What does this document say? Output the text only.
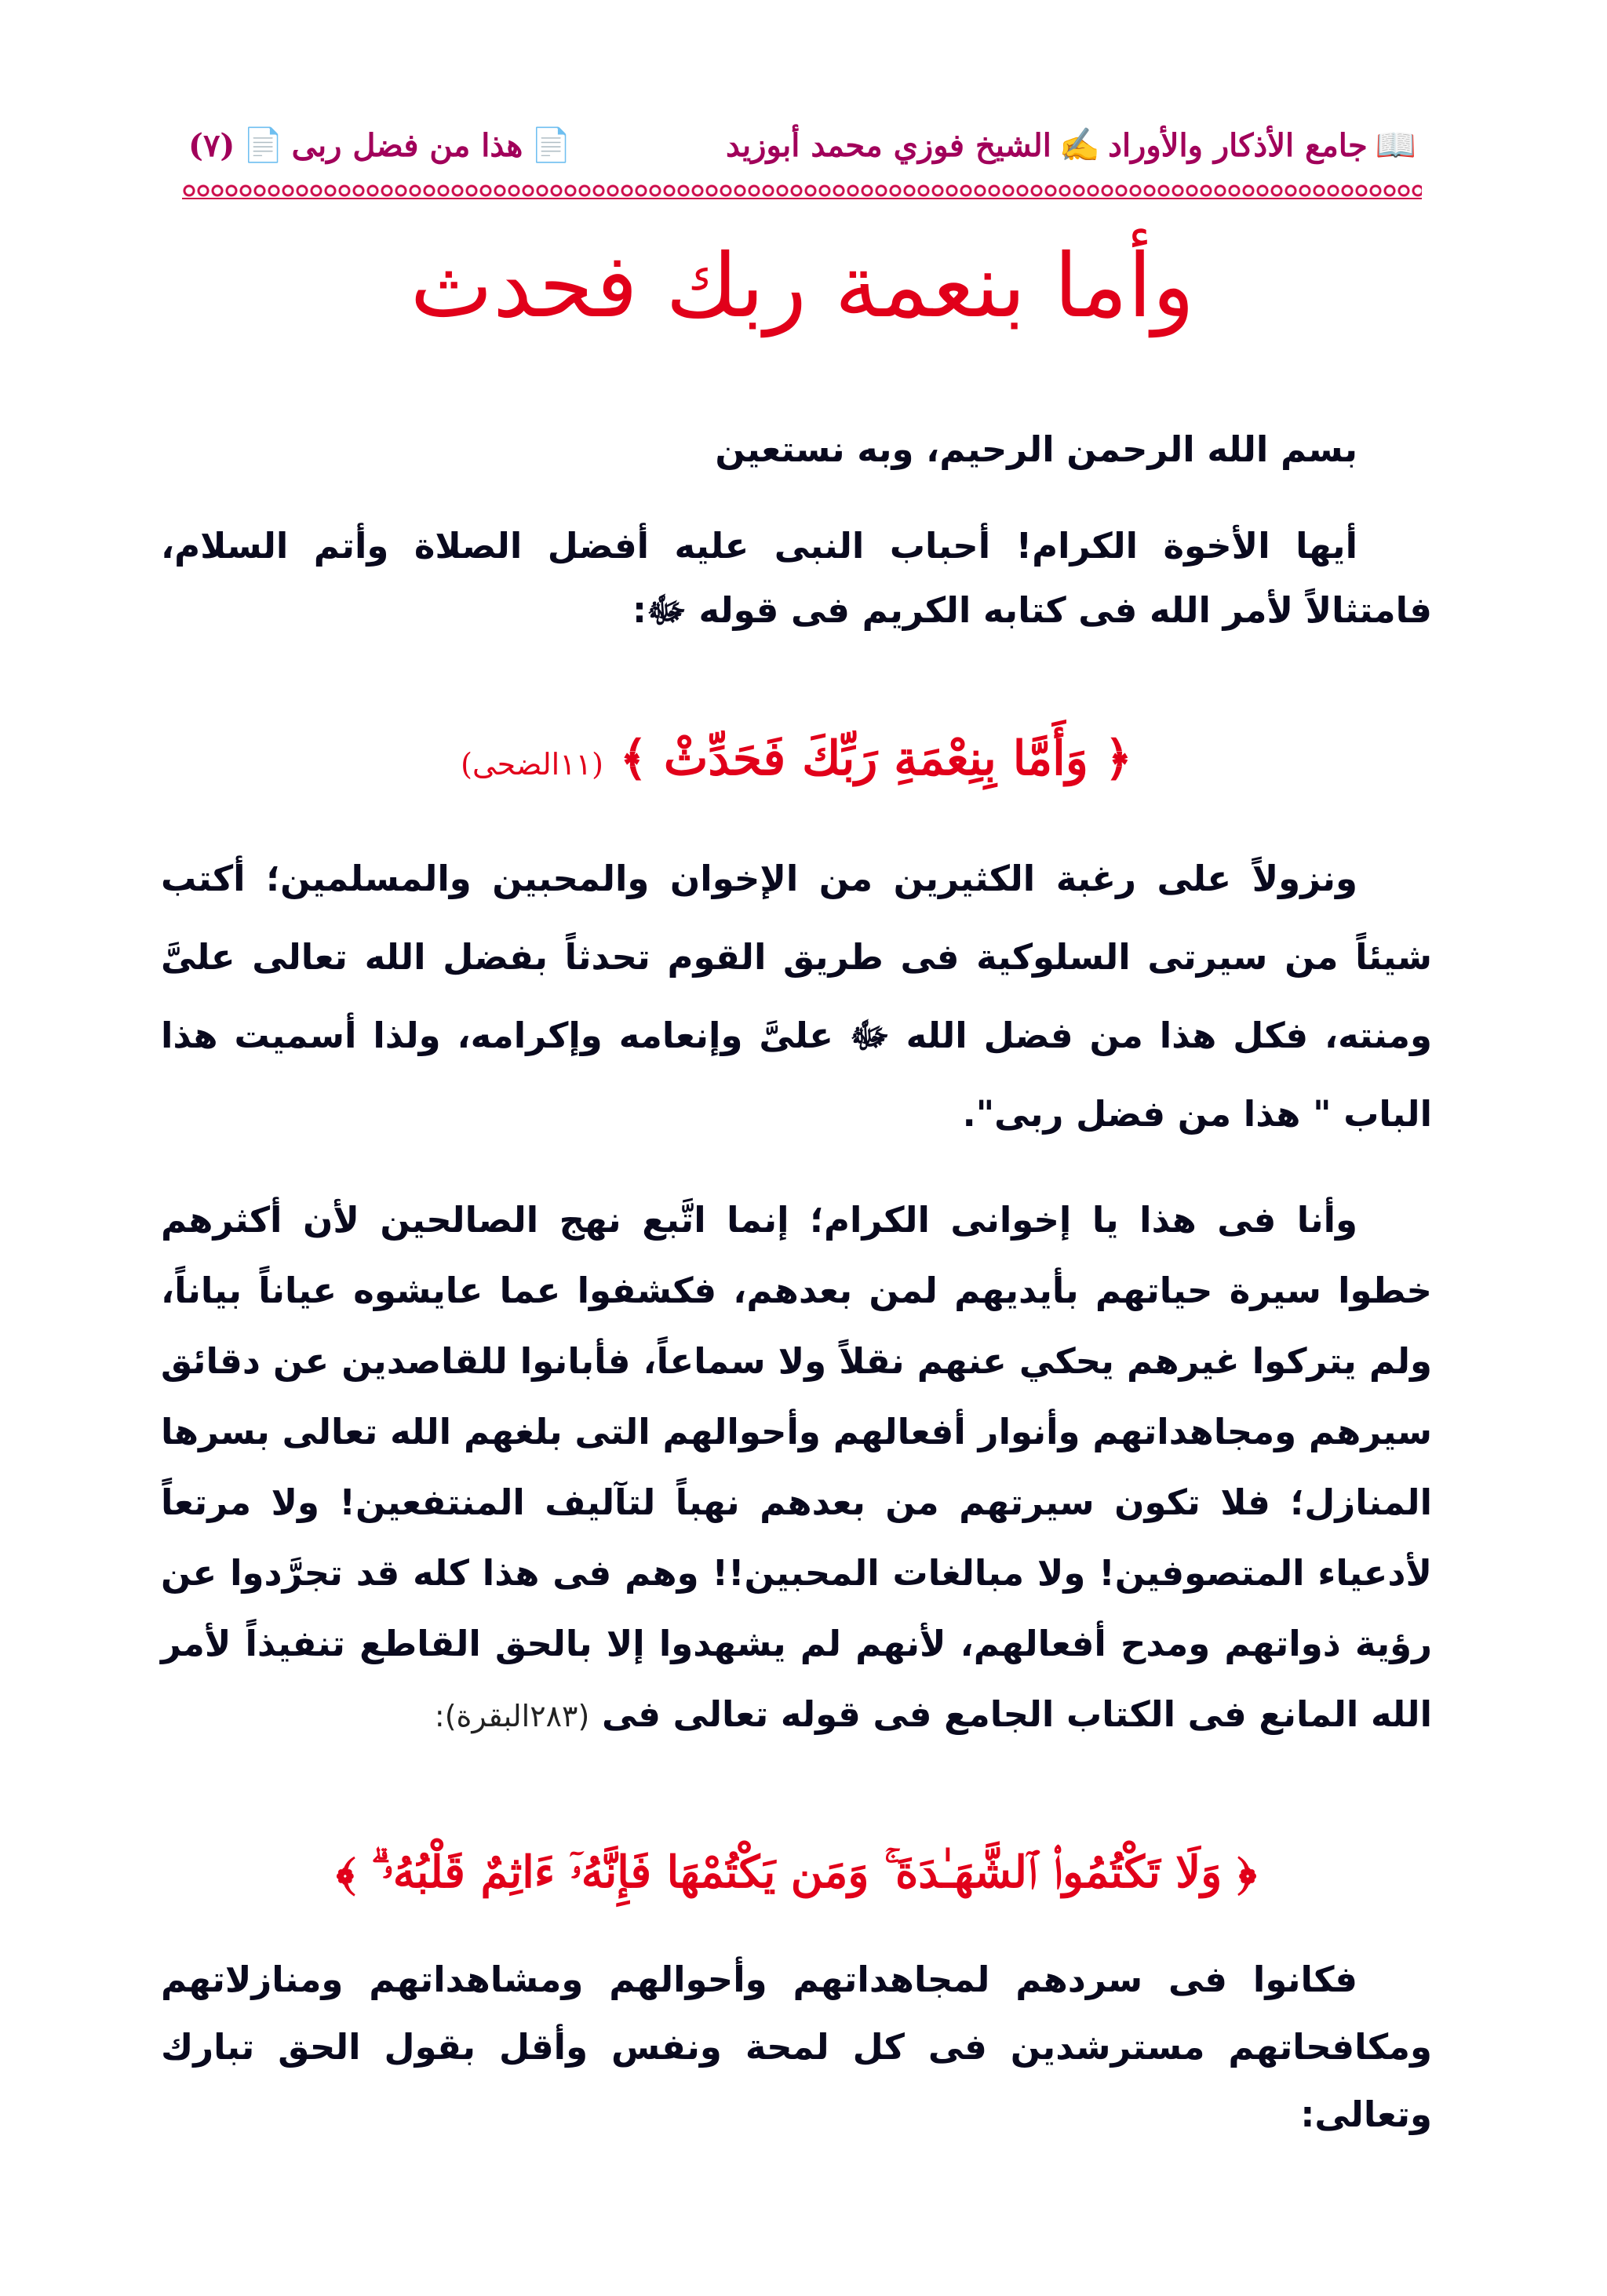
📖
جامع الأذكار والأوراد
✍
الشيخ فوزي محمد أبوزيد
📄
هذا من فضل ربى
📄
(٧)
وأما بنعمة ربك فحدث

بسم الله الرحمن الرحيم، وبه نستعين

أيها الأخوة الكرام! أحباب النبى عليه أفضل الصلاة وأتم السلام، فامتثالاً لأمر الله فى كتابه الكريم فى قوله ﷻ:

﴿ وَأَمَّا بِنِعْمَةِ رَبِّكَ فَحَدِّثْ ﴾ (١١الضحى)

ونزولاً على رغبة الكثيرين من الإخوان والمحبين والمسلمين؛ أكتب شيئاً من سيرتى السلوكية فى طريق القوم تحدثاً بفضل الله تعالى علىَّ ومنته، فكل هذا من فضل الله ﷻ علىَّ وإنعامه وإكرامه، ولذا أسميت هذا الباب " هذا من فضل ربى".

وأنا فى هذا يا إخوانى الكرام؛ إنما اتَّبع نهج الصالحين لأن أكثرهم خطوا سيرة حياتهم بأيديهم لمن بعدهم، فكشفوا عما عايشوه عياناً بياناً، ولم يتركوا غيرهم يحكي عنهم نقلاً ولا سماعاً، فأبانوا للقاصدين عن دقائق سيرهم ومجاهداتهم وأنوار أفعالهم وأحوالهم التى بلغهم الله تعالى بسرها المنازل؛ فلا تكون سيرتهم من بعدهم نهباً لتآليف المنتفعين! ولا مرتعاً لأدعياء المتصوفين! ولا مبالغات المحبين!! وهم فى هذا كله قد تجرَّدوا عن رؤية ذواتهم ومدح أفعالهم، لأنهم لم يشهدوا إلا بالحق القاطع تنفيذاً لأمر الله المانع فى الكتاب الجامع فى قوله تعالى فى (٢٨٣البقرة):

﴿ وَلَا تَكْتُمُوا۟ ٱلشَّهَـٰدَةَ ۚ وَمَن يَكْتُمْهَا فَإِنَّهُۥٓ ءَاثِمٌ قَلْبُهُۥ ۗ ﴾

فكانوا فى سردهم لمجاهداتهم وأحوالهم ومشاهداتهم ومنازلاتهم ومكافحاتهم مسترشدين فى كل لمحة ونفس وأقل بقول الحق تبارك وتعالى:
